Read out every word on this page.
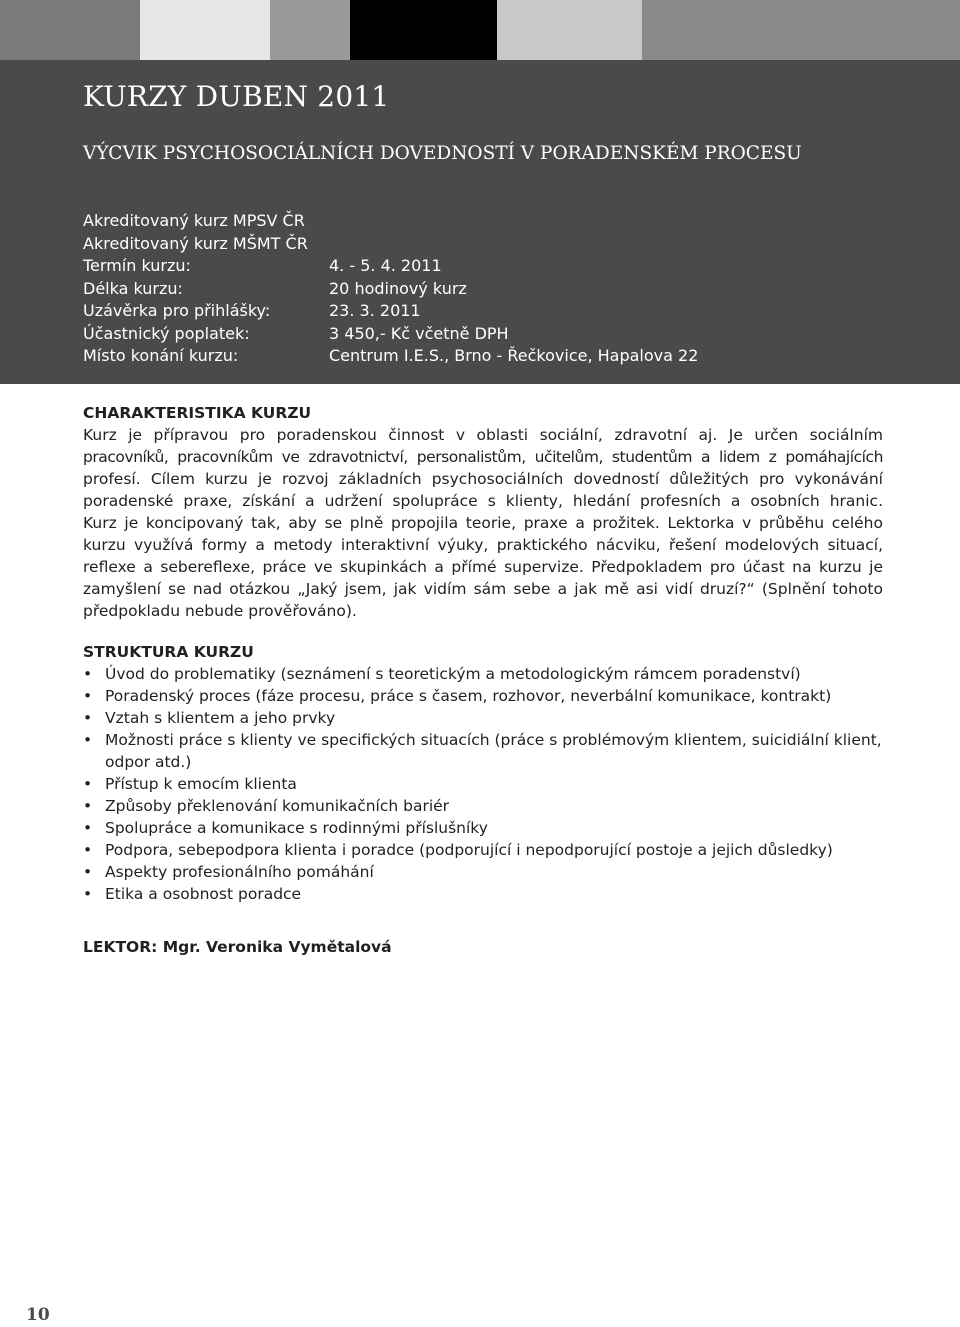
KURZY DUBEN 2011
VÝCVIK PSYCHOSOCIÁLNÍCH DOVEDNOSTÍ V PORADENSKÉM PROCESU
Akreditovaný kurz MPSV ČR
Akreditovaný kurz MŠMT ČR
Termín kurzu:	4. - 5. 4. 2011
Délka kurzu:	20 hodinový kurz
Uzávěrka pro přihlášky:	23. 3. 2011
Účastnický poplatek:	3 450,- Kč včetně DPH
Místo konání kurzu:	Centrum I.E.S., Brno - Řečkovice, Hapalova 22
CHARAKTERISTIKA KURZU

Kurz je přípravou pro poradenskou činnost v oblasti sociální, zdravotní aj. Je určen sociálním
pracovníků, pracovníkům ve zdravotnictví, personalistům, učitelům, studentům a lidem z pomáhajících
profesí. Cílem kurzu je rozvoj základních psychosociálních dovedností důležitých pro vykonávání
poradenské praxe, získání a udržení spolupráce s klienty, hledání profesních a osobních hranic.
Kurz je koncipovaný tak, aby se plně propojila teorie, praxe a prožitek. Lektorka v průběhu celého
kurzu využívá formy a metody interaktivní výuky, praktického nácviku, řešení modelových situací,
reflexe a sebereflexe, práce ve skupinkách a přímé supervize. Předpokladem pro účast na kurzu je
zamyšlení se nad otázkou „Jaký jsem, jak vidím sám sebe a jak mě asi vidí druzí?“ (Splnění tohoto
předpokladu nebude prověřováno).

STRUKTURA KURZU
• Úvod do problematiky (seznámení s teoretickým a metodologickým rámcem poradenství)
• Poradenský proces (fáze procesu, práce s časem, rozhovor, neverbální komunikace, kontrakt)
• Vztah s klientem a jeho prvky
• Možnosti práce s klienty ve specifických situacích (práce s problémovým klientem, suicidiální klient, odpor atd.)
• Přístup k emocím klienta
• Způsoby překlenování komunikačních bariér
• Spolupráce a komunikace s rodinnými příslušníky
• Podpora, sebepodpora klienta i poradce (podporující i nepodporující postoje a jejich důsledky)
• Aspekty profesionálního pomáhání
• Etika a osobnost poradce
LEKTOR: Mgr. Veronika Vymětalová
10
